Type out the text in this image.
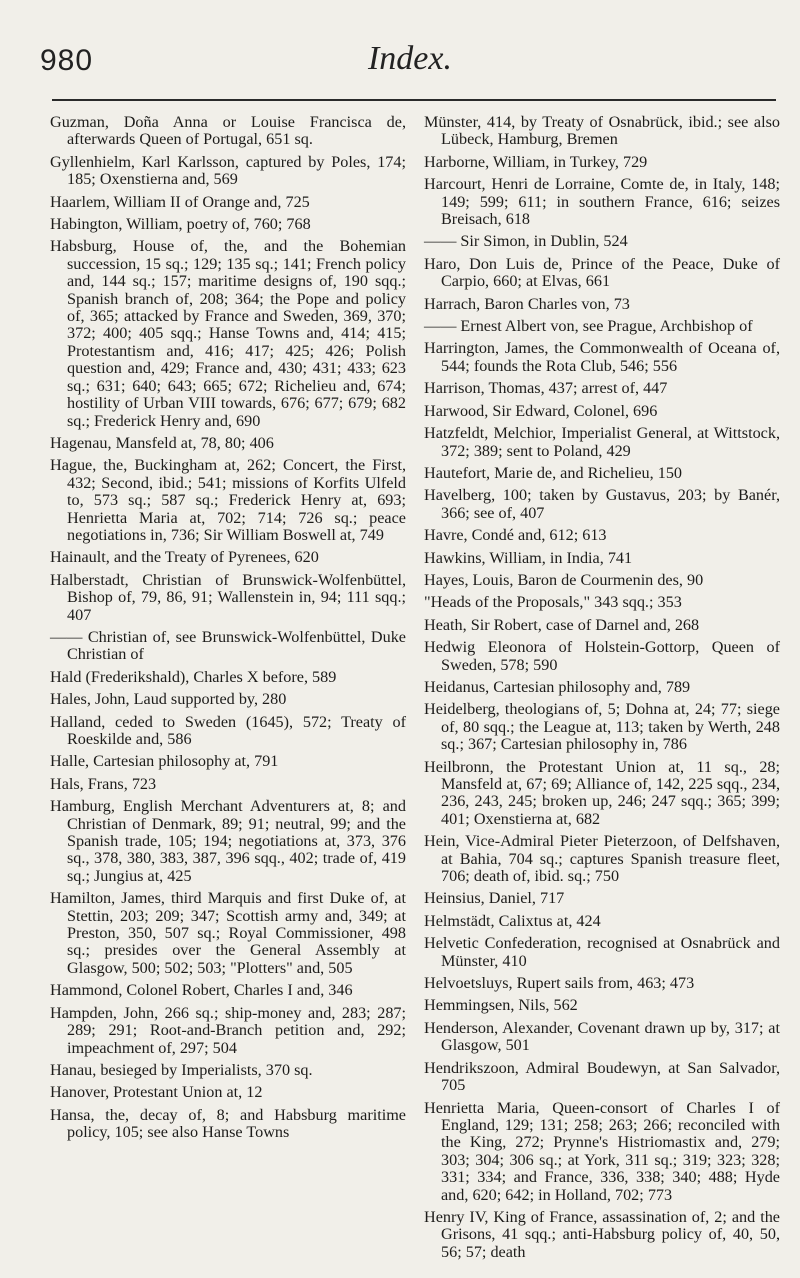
980	Index.

Guzman, Doña Anna or Louise Francisca de, afterwards Queen of Portugal, 651 sq.

Gyllenhielm, Karl Karlsson, captured by Poles, 174; 185; Oxenstierna and, 569

Haarlem, William II of Orange and, 725

Habington, William, poetry of, 760; 768

Habsburg, House of, the, and the Bohemian succession, 15 sq.; 129; 135 sq.; 141; French policy and, 144 sq.; 157; maritime designs of, 190 sqq.; Spanish branch of, 208; 364; the Pope and policy of, 365; attacked by France and Sweden, 369, 370; 372; 400; 405 sqq.; Hanse Towns and, 414; 415; Protestantism and, 416; 417; 425; 426; Polish question and, 429; France and, 430; 431; 433; 623 sq.; 631; 640; 643; 665; 672; Richelieu and, 674; hostility of Urban VIII towards, 676; 677; 679; 682 sq.; Frederick Henry and, 690

Hagenau, Mansfeld at, 78, 80; 406

Hague, the, Buckingham at, 262; Concert, the First, 432; Second, ibid.; 541; missions of Korfits Ulfeld to, 573 sq.; 587 sq.; Frederick Henry at, 693; Henrietta Maria at, 702; 714; 726 sq.; peace negotiations in, 736; Sir William Boswell at, 749

Hainault, and the Treaty of Pyrenees, 620

Halberstadt, Christian of Brunswick-Wolfenbüttel, Bishop of, 79, 86, 91; Wallenstein in, 94; 111 sqq.; 407

—— Christian of, see Brunswick-Wolfenbüttel, Duke Christian of

Hald (Frederikshald), Charles X before, 589

Hales, John, Laud supported by, 280

Halland, ceded to Sweden (1645), 572; Treaty of Roeskilde and, 586

Halle, Cartesian philosophy at, 791

Hals, Frans, 723

Hamburg, English Merchant Adventurers at, 8; and Christian of Denmark, 89; 91; neutral, 99; and the Spanish trade, 105; 194; negotiations at, 373, 376 sq., 378, 380, 383, 387, 396 sqq., 402; trade of, 419 sq.; Jungius at, 425

Hamilton, James, third Marquis and first Duke of, at Stettin, 203; 209; 347; Scottish army and, 349; at Preston, 350, 507 sq.; Royal Commissioner, 498 sq.; presides over the General Assembly at Glasgow, 500; 502; 503; "Plotters" and, 505

Hammond, Colonel Robert, Charles I and, 346

Hampden, John, 266 sq.; ship-money and, 283; 287; 289; 291; Root-and-Branch petition and, 292; impeachment of, 297; 504

Hanau, besieged by Imperialists, 370 sq.

Hanover, Protestant Union at, 12

Hansa, the, decay of, 8; and Habsburg maritime policy, 105; see also Hanse Towns

Münster, 414, by Treaty of Osnabrück, ibid.; see also Lübeck, Hamburg, Bremen

Harborne, William, in Turkey, 729

Harcourt, Henri de Lorraine, Comte de, in Italy, 148; 149; 599; 611; in southern France, 616; seizes Breisach, 618

—— Sir Simon, in Dublin, 524

Haro, Don Luis de, Prince of the Peace, Duke of Carpio, 660; at Elvas, 661

Harrach, Baron Charles von, 73

—— Ernest Albert von, see Prague, Archbishop of

Harrington, James, the Commonwealth of Oceana of, 544; founds the Rota Club, 546; 556

Harrison, Thomas, 437; arrest of, 447

Harwood, Sir Edward, Colonel, 696

Hatzfeldt, Melchior, Imperialist General, at Wittstock, 372; 389; sent to Poland, 429

Hautefort, Marie de, and Richelieu, 150

Havelberg, 100; taken by Gustavus, 203; by Banér, 366; see of, 407

Havre, Condé and, 612; 613

Hawkins, William, in India, 741

Hayes, Louis, Baron de Courmenin des, 90

"Heads of the Proposals," 343 sqq.; 353

Heath, Sir Robert, case of Darnel and, 268

Hedwig Eleonora of Holstein-Gottorp, Queen of Sweden, 578; 590

Heidanus, Cartesian philosophy and, 789

Heidelberg, theologians of, 5; Dohna at, 24; 77; siege of, 80 sqq.; the League at, 113; taken by Werth, 248 sq.; 367; Cartesian philosophy in, 786

Heilbronn, the Protestant Union at, 11 sq., 28; Mansfeld at, 67; 69; Alliance of, 142, 225 sqq., 234, 236, 243, 245; broken up, 246; 247 sqq.; 365; 399; 401; Oxenstierna at, 682

Hein, Vice-Admiral Pieter Pieterzoon, of Delfshaven, at Bahia, 704 sq.; captures Spanish treasure fleet, 706; death of, ibid. sq.; 750

Heinsius, Daniel, 717

Helmstädt, Calixtus at, 424

Helvetic Confederation, recognised at Osnabrück and Münster, 410

Helvoetsluys, Rupert sails from, 463; 473

Hemmingsen, Nils, 562

Henderson, Alexander, Covenant drawn up by, 317; at Glasgow, 501

Hendrikszoon, Admiral Boudewyn, at San Salvador, 705

Henrietta Maria, Queen-consort of Charles I of England, 129; 131; 258; 263; 266; reconciled with the King, 272; Prynne's Histriomastix and, 279; 303; 304; 306 sq.; at York, 311 sq.; 319; 323; 328; 331; 334; and France, 336, 338; 340; 488; Hyde and, 620; 642; in Holland, 702; 773

Henry IV, King of France, assassination of, 2; and the Grisons, 41 sqq.; anti-Habsburg policy of, 40, 50, 56; 57; death
